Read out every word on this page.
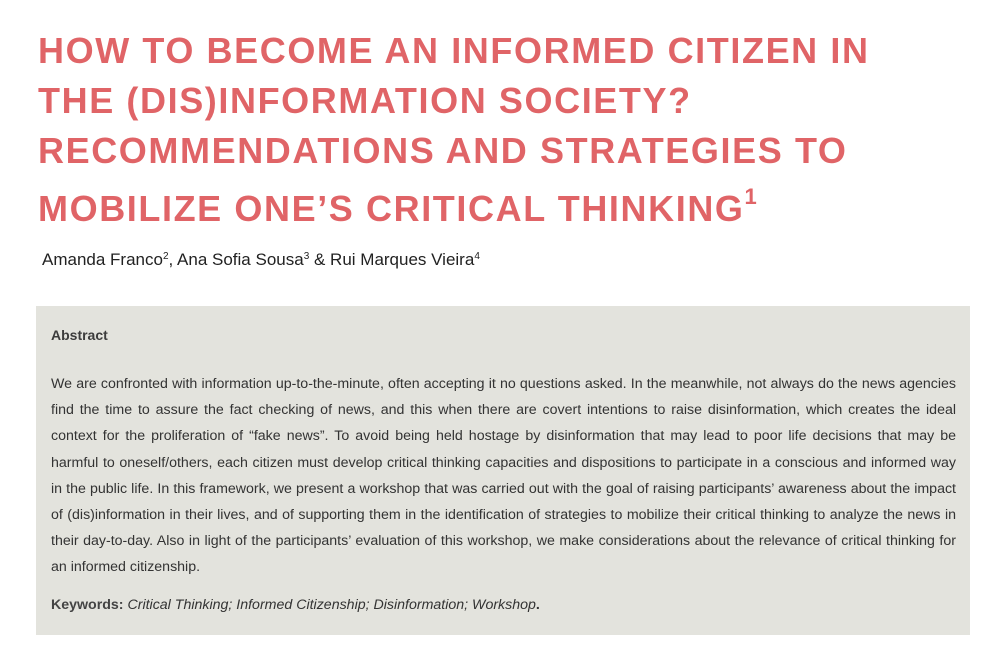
HOW TO BECOME AN INFORMED CITIZEN IN
THE (DIS)INFORMATION SOCIETY?
RECOMMENDATIONS AND STRATEGIES TO
MOBILIZE ONE’S CRITICAL THINKING$^1$
Amanda Franco$^2$, Ana Sofia Sousa$^3$ & Rui Marques Vieira$^4$

Abstract

We are confronted with information up-to-the-minute, often accepting it no questions asked. In the meanwhile, not always do the news agencies find the time to assure the fact checking of news, and this when there are covert intentions to raise disinformation, which creates the ideal context for the proliferation of “fake news”. To avoid being held hostage by disinformation that may lead to poor life decisions that may be harmful to oneself/others, each citizen must develop critical thinking capacities and dispositions to participate in a conscious and informed way in the public life. In this framework, we present a workshop that was carried out with the goal of raising participants’ awareness about the impact of (dis)information in their lives, and of supporting them in the identification of strategies to mobilize their critical thinking to analyze the news in their day-to-day. Also in light of the participants’ evaluation of this workshop, we make considerations about the relevance of critical thinking for an informed citizenship.

Keywords: Critical Thinking; Informed Citizenship; Disinformation; Workshop.
